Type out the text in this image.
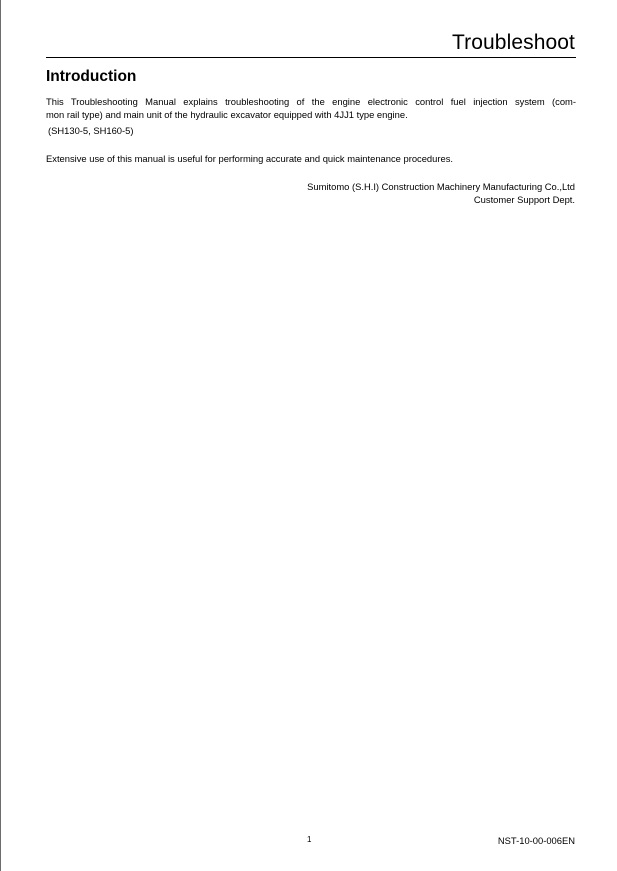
Troubleshoot
Introduction
This Troubleshooting Manual explains troubleshooting of the engine electronic control fuel injection system (com-
mon rail type) and main unit of the hydraulic excavator equipped with 4JJ1 type engine.
(SH130-5, SH160-5)
Extensive use of this manual is useful for performing accurate and quick maintenance procedures.
Sumitomo (S.H.I) Construction Machinery Manufacturing Co.,Ltd
Customer Support Dept.
1	NST-10-00-006EN
